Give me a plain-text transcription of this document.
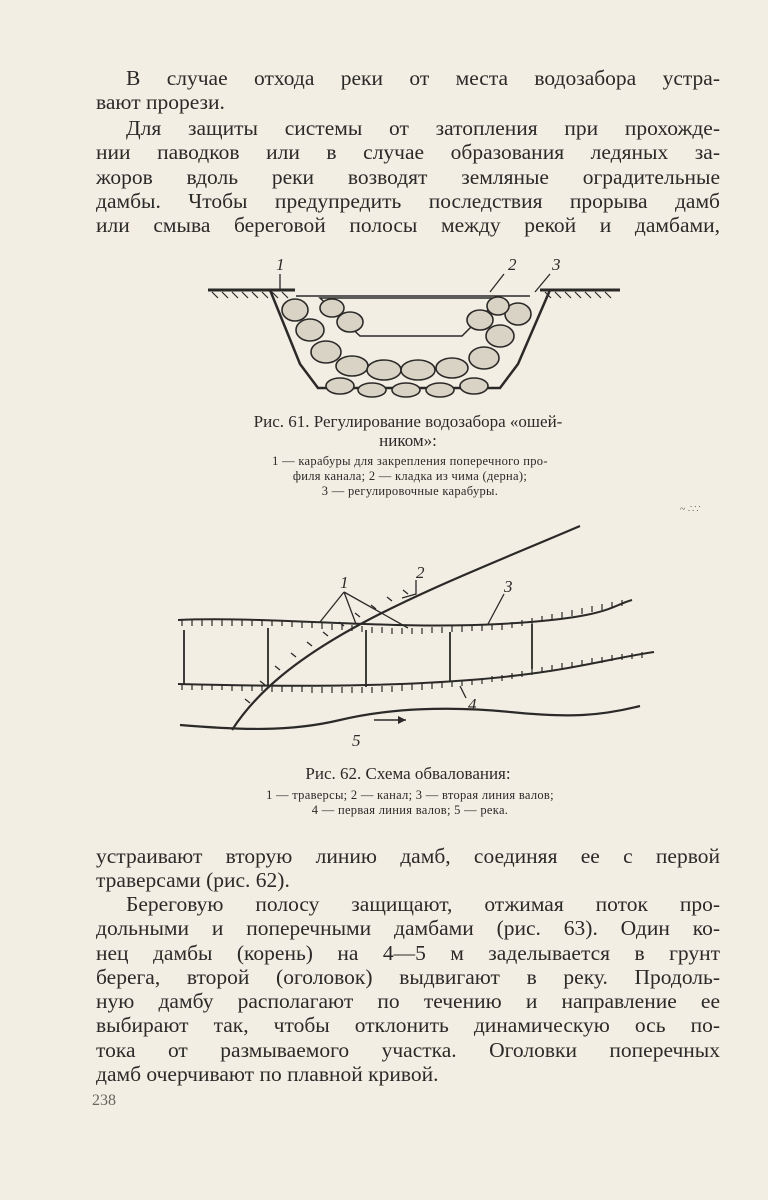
В случае отхода реки от места водозабора устра-
вают прорези.
Для защиты системы от затопления при прохожде-
нии паводков или в случае образования ледяных за-
жоров вдоль реки возводят земляные оградительные
дамбы. Чтобы предупредить последствия прорыва дамб
или смыва береговой полосы между рекой и дамбами,
1	2 3
Рис. 61. Регулирование водозабора «ошей-
ником»:
1 — карабуры для закрепления поперечного про-
филя канала; 2 — кладка из чима (дерна);
3 — регулировочные карабуры.
~ ∴∵
1
2
3
4
5
Рис. 62. Схема обвалования:
1 — траверсы; 2 — канал; 3 — вторая линия валов;
4 — первая линия валов; 5 — река.
устраивают вторую линию дамб, соединяя ее с первой
траверсами (рис. 62).
Береговую полосу защищают, отжимая поток про-
дольными и поперечными дамбами (рис. 63). Один ко-
нец дамбы (корень) на 4—5 м заделывается в грунт
берега, второй (оголовок) выдвигают в реку. Продоль-
ную дамбу располагают по течению и направление ее
выбирают так, чтобы отклонить динамическую ось по-
тока от размываемого участка. Оголовки поперечных
дамб очерчивают по плавной кривой.
238
